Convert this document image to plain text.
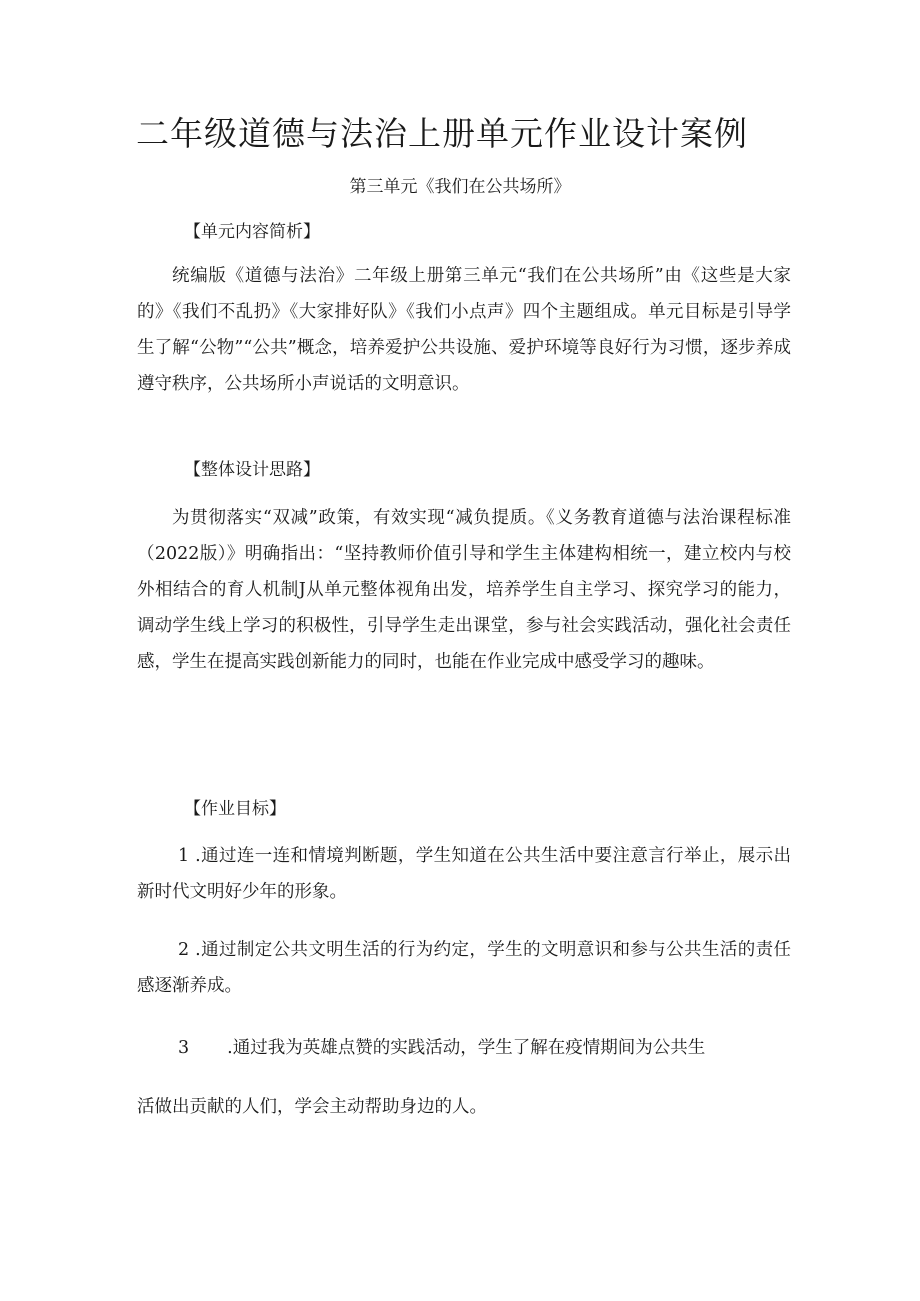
二年级道德与法治上册单元作业设计案例
第三单元《我们在公共场所》
【单元内容简析】
统编版《道德与法治》二年级上册第三单元“我们在公共场所”由《这些是大家的》《我们不乱扔》《大家排好队》《我们小点声》四个主题组成。单元目标是引导学生了解“公物”“公共”概念，培养爱护公共设施、爱护环境等良好行为习惯，逐步养成遵守秩序，公共场所小声说话的文明意识。
【整体设计思路】
为贯彻落实“双减”政策，有效实现“减负提质。《义务教育道德与法治课程标准（2022版）》明确指出：“坚持教师价值引导和学生主体建构相统一，建立校内与校外相结合的育人机制J从单元整体视角出发，培养学生自主学习、探究学习的能力，调动学生线上学习的积极性，引导学生走出课堂，参与社会实践活动，强化社会责任感，学生在提高实践创新能力的同时，也能在作业完成中感受学习的趣味。
【作业目标】
1 .通过连一连和情境判断题，学生知道在公共生活中要注意言行举止，展示出新时代文明好少年的形象。
2 .通过制定公共文明生活的行为约定，学生的文明意识和参与公共生活的责任感逐渐养成。
3 .通过我为英雄点赞的实践活动，学生了解在疫情期间为公共生
活做出贡献的人们，学会主动帮助身边的人。
